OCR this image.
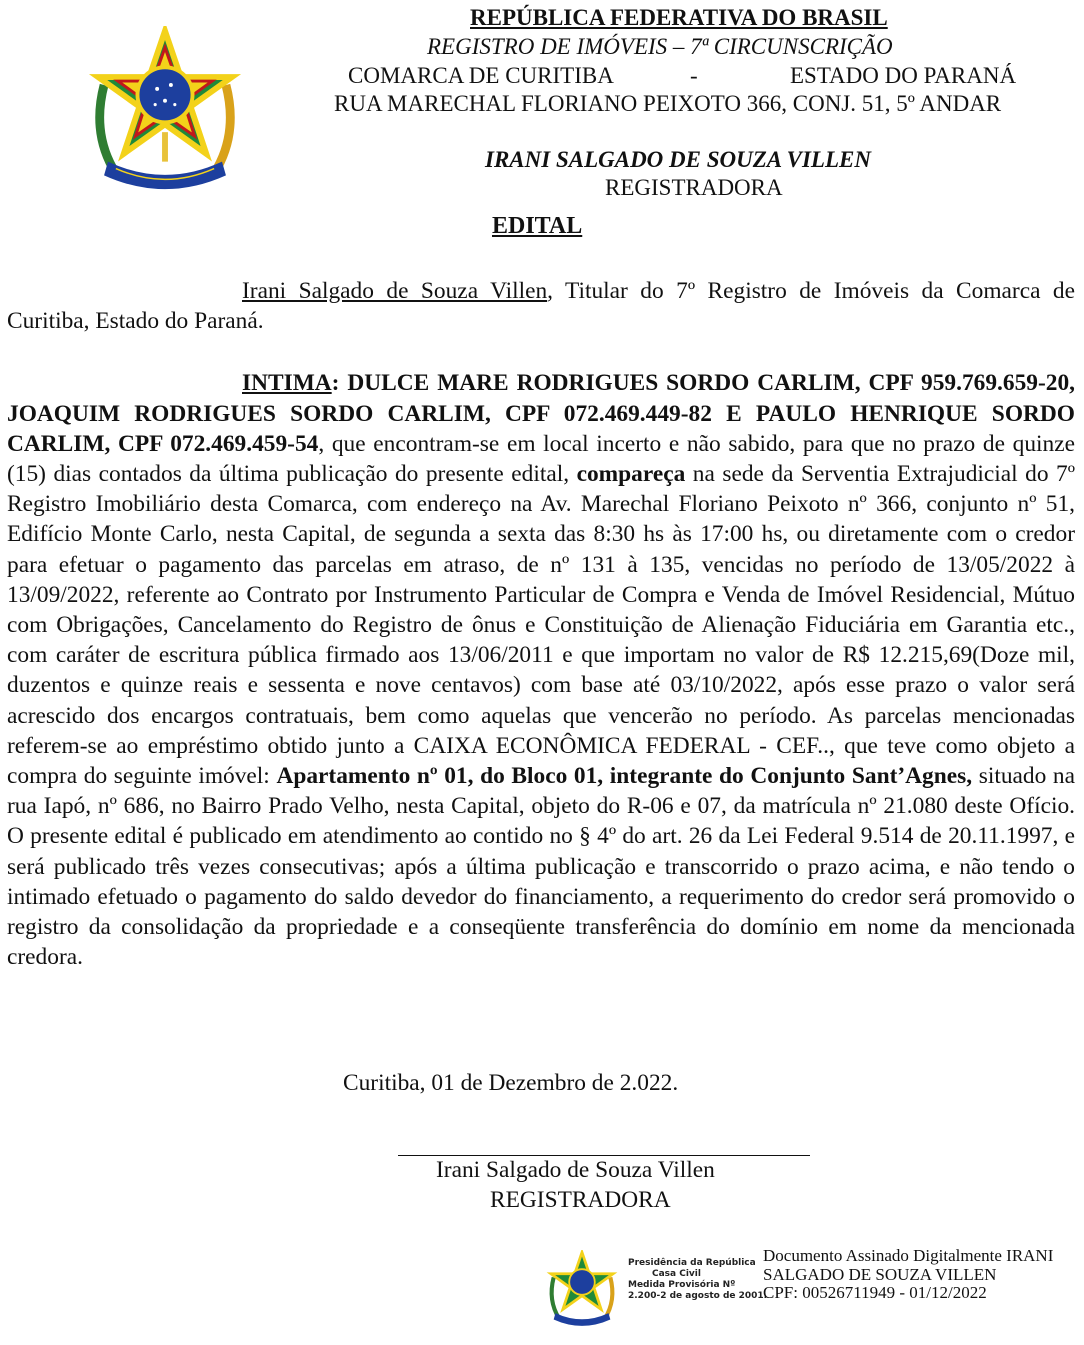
REPÚBLICA FEDERATIVA DO BRASIL
REGISTRO DE IMÓVEIS – 7ª CIRCUNSCRIÇÃO
COMARCA DE CURITIBA	-	ESTADO DO PARANÁ
RUA MARECHAL FLORIANO PEIXOTO 366, CONJ. 51, 5º ANDAR
IRANI SALGADO DE SOUZA VILLEN
REGISTRADORA
EDITAL

Irani Salgado de Souza Villen, Titular do 7º Registro de Imóveis da Comarca de Curitiba, Estado do Paraná.

INTIMA: DULCE MARE RODRIGUES SORDO CARLIM, CPF 959.769.659-20, JOAQUIM RODRIGUES SORDO CARLIM, CPF 072.469.449-82 E PAULO HENRIQUE SORDO CARLIM, CPF 072.469.459-54, que encontram-se em local incerto e não sabido, para que no prazo de quinze (15) dias contados da última publicação do presente edital, compareça na sede da Serventia Extrajudicial do 7º Registro Imobiliário desta Comarca, com endereço na Av. Marechal Floriano Peixoto nº 366, conjunto nº 51, Edifício Monte Carlo, nesta Capital, de segunda a sexta das 8:30 hs às 17:00 hs, ou diretamente com o credor para efetuar o pagamento das parcelas em atraso, de nº 131 à 135, vencidas no período de 13/05/2022 à 13/09/2022, referente ao Contrato por Instrumento Particular de Compra e Venda de Imóvel Residencial, Mútuo com Obrigações, Cancelamento do Registro de ônus e Constituição de Alienação Fiduciária em Garantia etc., com caráter de escritura pública firmado aos 13/06/2011 e que importam no valor de R$ 12.215,69(Doze mil, duzentos e quinze reais e sessenta e nove centavos) com base até 03/10/2022, após esse prazo o valor será acrescido dos encargos contratuais, bem como aquelas que vencerão no período. As parcelas mencionadas referem-se ao empréstimo obtido junto a CAIXA ECONÔMICA FEDERAL - CEF.., que teve como objeto a compra do seguinte imóvel: Apartamento nº 01, do Bloco 01, integrante do Conjunto Sant’Agnes, situado na rua Iapó, nº 686, no Bairro Prado Velho, nesta Capital, objeto do R-06 e 07, da matrícula nº 21.080 deste Ofício. O presente edital é publicado em atendimento ao contido no § 4º do art. 26 da Lei Federal 9.514 de 20.11.1997, e será publicado três vezes consecutivas; após a última publicação e transcorrido o prazo acima, e não tendo o intimado efetuado o pagamento do saldo devedor do financiamento, a requerimento do credor será promovido o registro da consolidação da propriedade e a conseqüente transferência do domínio em nome da mencionada credora.

Curitiba, 01 de Dezembro de 2.022.
Irani Salgado de Souza Villen
REGISTRADORA
Presidência da República
Casa Civil
Medida Provisória Nº
2.200-2 de agosto de 2001.
Documento Assinado Digitalmente IRANI
SALGADO DE SOUZA VILLEN
CPF: 00526711949 - 01/12/2022
